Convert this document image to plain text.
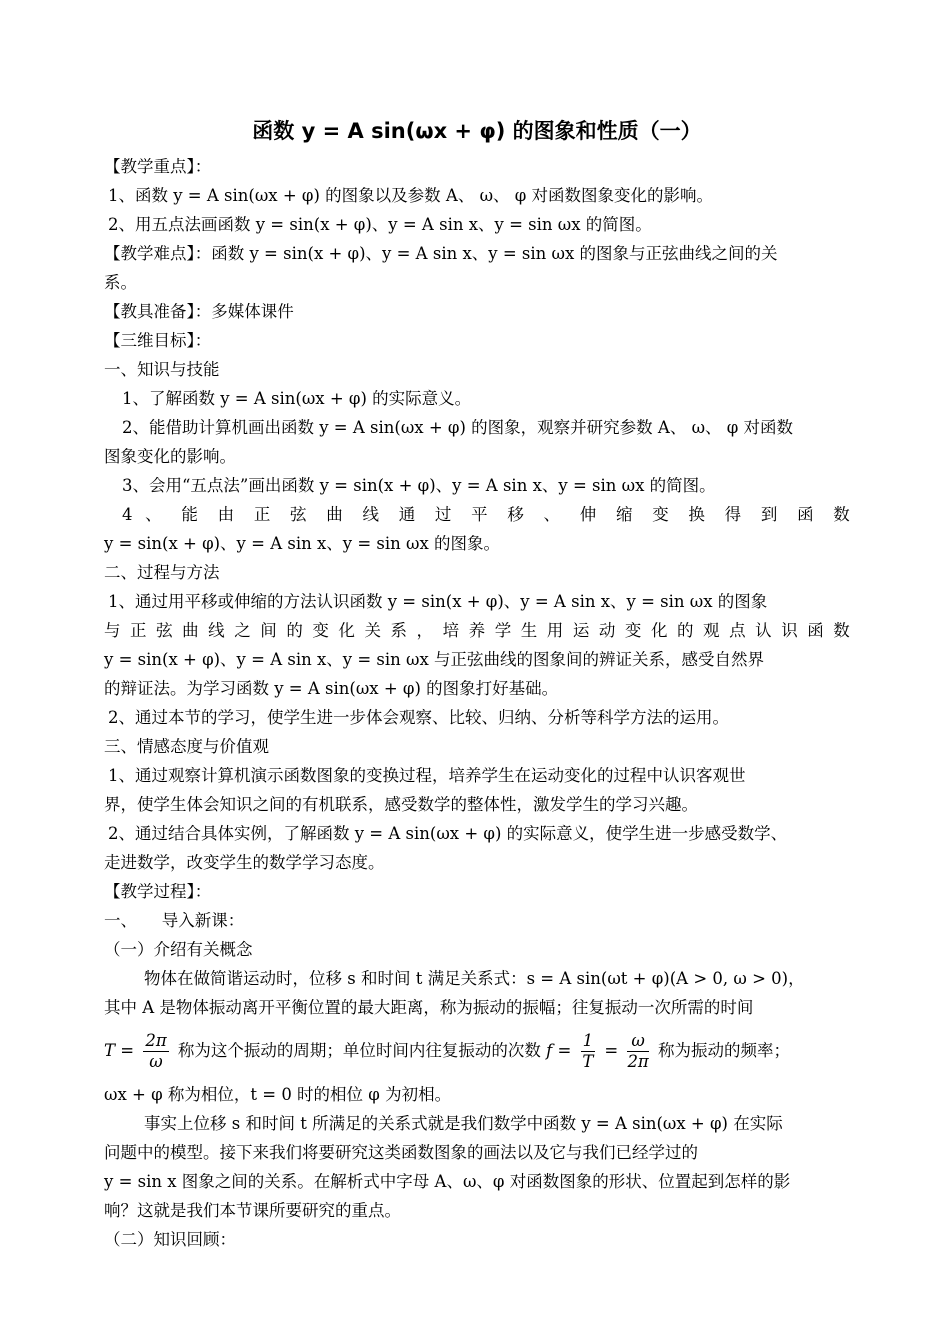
函数 y = A sin(ωx + φ) 的图象和性质（一）
【教学重点】：
1、函数 y = A sin(ωx + φ) 的图象以及参数 A、 ω、 φ 对函数图象变化的影响。
2、用五点法画函数 y = sin(x + φ)、y = A sin x、y = sin ωx 的简图。
【教学难点】：函数 y = sin(x + φ)、y = A sin x、y = sin ωx 的图象与正弦曲线之间的关
系。
【教具准备】：多媒体课件
【三维目标】：
一、知识与技能
1、了解函数 y = A sin(ωx + φ) 的实际意义。
2、能借助计算机画出函数 y = A sin(ωx + φ) 的图象，观察并研究参数 A、 ω、 φ 对函数
图象变化的影响。
3、会用“五点法”画出函数 y = sin(x + φ)、y = A sin x、y = sin ωx 的简图。
4 、 能 由 正 弦 曲 线 通 过 平 移 、 伸 缩 变 换 得 到 函 数
y = sin(x + φ)、y = A sin x、y = sin ωx 的图象。
二、过程与方法
1、通过用平移或伸缩的方法认识函数 y = sin(x + φ)、y = A sin x、y = sin ωx 的图象
与 正 弦 曲 线 之 间 的 变 化 关 系 ， 培 养 学 生 用 运 动 变 化 的 观 点 认 识 函 数
y = sin(x + φ)、y = A sin x、y = sin ωx 与正弦曲线的图象间的辨证关系，感受自然界
的辩证法。为学习函数 y = A sin(ωx + φ) 的图象打好基础。
2、通过本节的学习，使学生进一步体会观察、比较、归纳、分析等科学方法的运用。
三、情感态度与价值观
1、通过观察计算机演示函数图象的变换过程，培养学生在运动变化的过程中认识客观世
界，使学生体会知识之间的有机联系，感受数学的整体性，激发学生的学习兴趣。
2、通过结合具体实例，了解函数 y = A sin(ωx + φ) 的实际意义，使学生进一步感受数学、
走进数学，改变学生的数学学习态度。
【教学过程】：
一、　　导入新课：
（一）介绍有关概念
物体在做简谐运动时，位移 s 和时间 t 满足关系式：s = A sin(ωt + φ)(A > 0, ω > 0)，
其中 A 是物体振动离开平衡位置的最大距离，称为振动的振幅；往复振动一次所需的时间
$T = \frac{2\pi}{\omega}$ 称为这个振动的周期；单位时间内往复振动的次数 $f = \frac{1}{T} = \frac{\omega}{2\pi}$ 称为振动的频率；
ωx + φ 称为相位，t = 0 时的相位 φ 为初相。
事实上位移 s 和时间 t 所满足的关系式就是我们数学中函数 y = A sin(ωx + φ) 在实际
问题中的模型。接下来我们将要研究这类函数图象的画法以及它与我们已经学过的
y = sin x 图象之间的关系。在解析式中字母 A、ω、φ 对函数图象的形状、位置起到怎样的影
响？这就是我们本节课所要研究的重点。
（二）知识回顾：
